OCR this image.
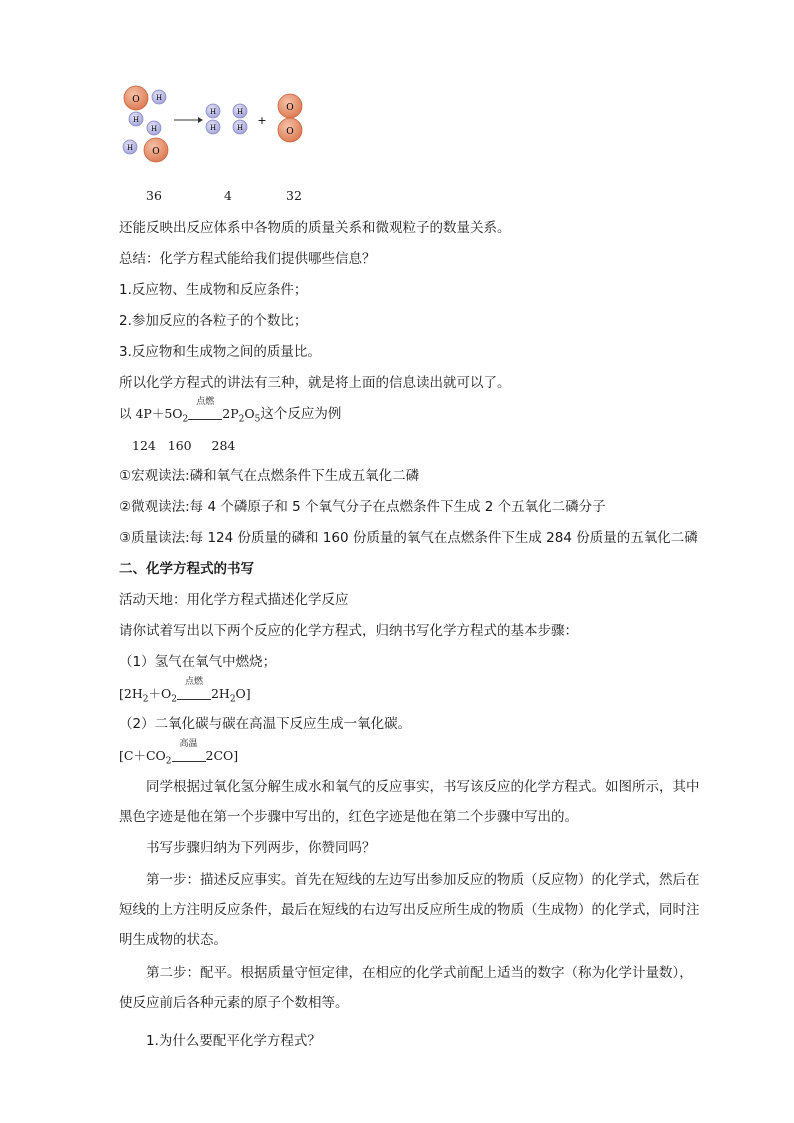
O H
H
H
H O
H
H
H
H
+
O
O
36	4	32
还能反映出反应体系中各物质的质量关系和微观粒子的数量关系。
总结：化学方程式能给我们提供哪些信息？
1.反应物、生成物和反应条件；
2.参加反应的各粒子的个数比；
3.反应物和生成物之间的质量比。
所以化学方程式的讲法有三种，就是将上面的信息读出就可以了。
以 $4P+5O_2$
点燃
$2P_2O_5$这个反应为例
124   160     284
①宏观读法:磷和氧气在点燃条件下生成五氧化二磷
②微观读法:每 4 个磷原子和 5 个氧气分子在点燃条件下生成 2 个五氧化二磷分子
③质量读法:每 124 份质量的磷和 160 份质量的氧气在点燃条件下生成 284 份质量的五氧化二磷
二、化学方程式的书写
活动天地：用化学方程式描述化学反应
请你试着写出以下两个反应的化学方程式，归纳书写化学方程式的基本步骤：
（1）氢气在氧气中燃烧；
[$2H_2+O_2$
点燃
$2H_2O$]
（2）二氧化碳与碳在高温下反应生成一氧化碳。
[$C+CO_2$
高温
2CO]
同学根据过氧化氢分解生成水和氧气的反应事实，书写该反应的化学方程式。如图所示，其中黑色字迹是他在第一个步骤中写出的，红色字迹是他在第二个步骤中写出的。
书写步骤归纳为下列两步，你赞同吗？
第一步：描述反应事实。首先在短线的左边写出参加反应的物质（反应物）的化学式，然后在短线的上方注明反应条件，最后在短线的右边写出反应所生成的物质（生成物）的化学式，同时注明生成物的状态。
第二步：配平。根据质量守恒定律，在相应的化学式前配上适当的数字（称为化学计量数），使反应前后各种元素的原子个数相等。
1.为什么要配平化学方程式？
